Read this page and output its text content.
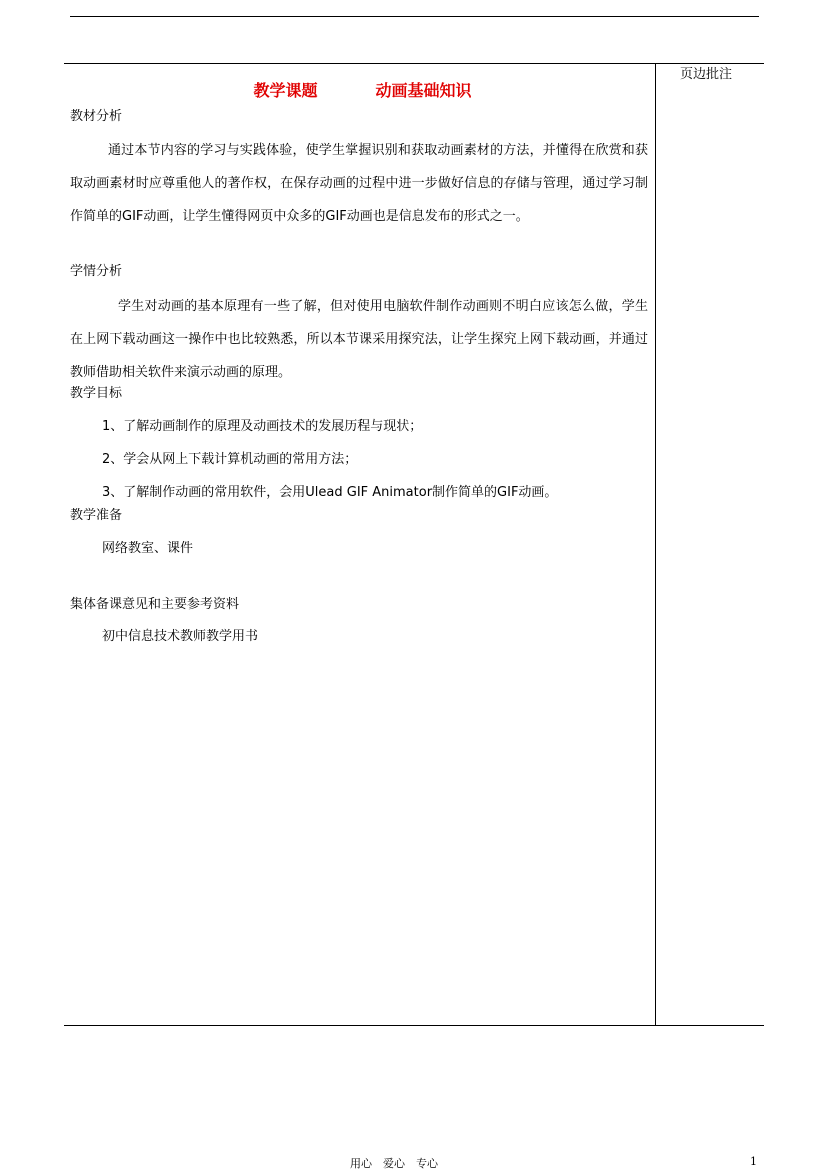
教学课题	动画基础知识
页边批注
教材分析
通过本节内容的学习与实践体验，使学生掌握识别和获取动画素材的方法，并懂得在欣赏和获取动画素材时应尊重他人的著作权，在保存动画的过程中进一步做好信息的存储与管理，通过学习制作简单的GIF动画，让学生懂得网页中众多的GIF动画也是信息发布的形式之一。
学情分析
学生对动画的基本原理有一些了解，但对使用电脑软件制作动画则不明白应该怎么做，学生在上网下载动画这一操作中也比较熟悉，所以本节课采用探究法，让学生探究上网下载动画，并通过教师借助相关软件来演示动画的原理。
教学目标
1、了解动画制作的原理及动画技术的发展历程与现状；
2、学会从网上下载计算机动画的常用方法；
3、了解制作动画的常用软件，会用Ulead GIF Animator制作简单的GIF动画。
教学准备
网络教室、课件
集体备课意见和主要参考资料
初中信息技术教师教学用书
用心　爱心　专心	1
